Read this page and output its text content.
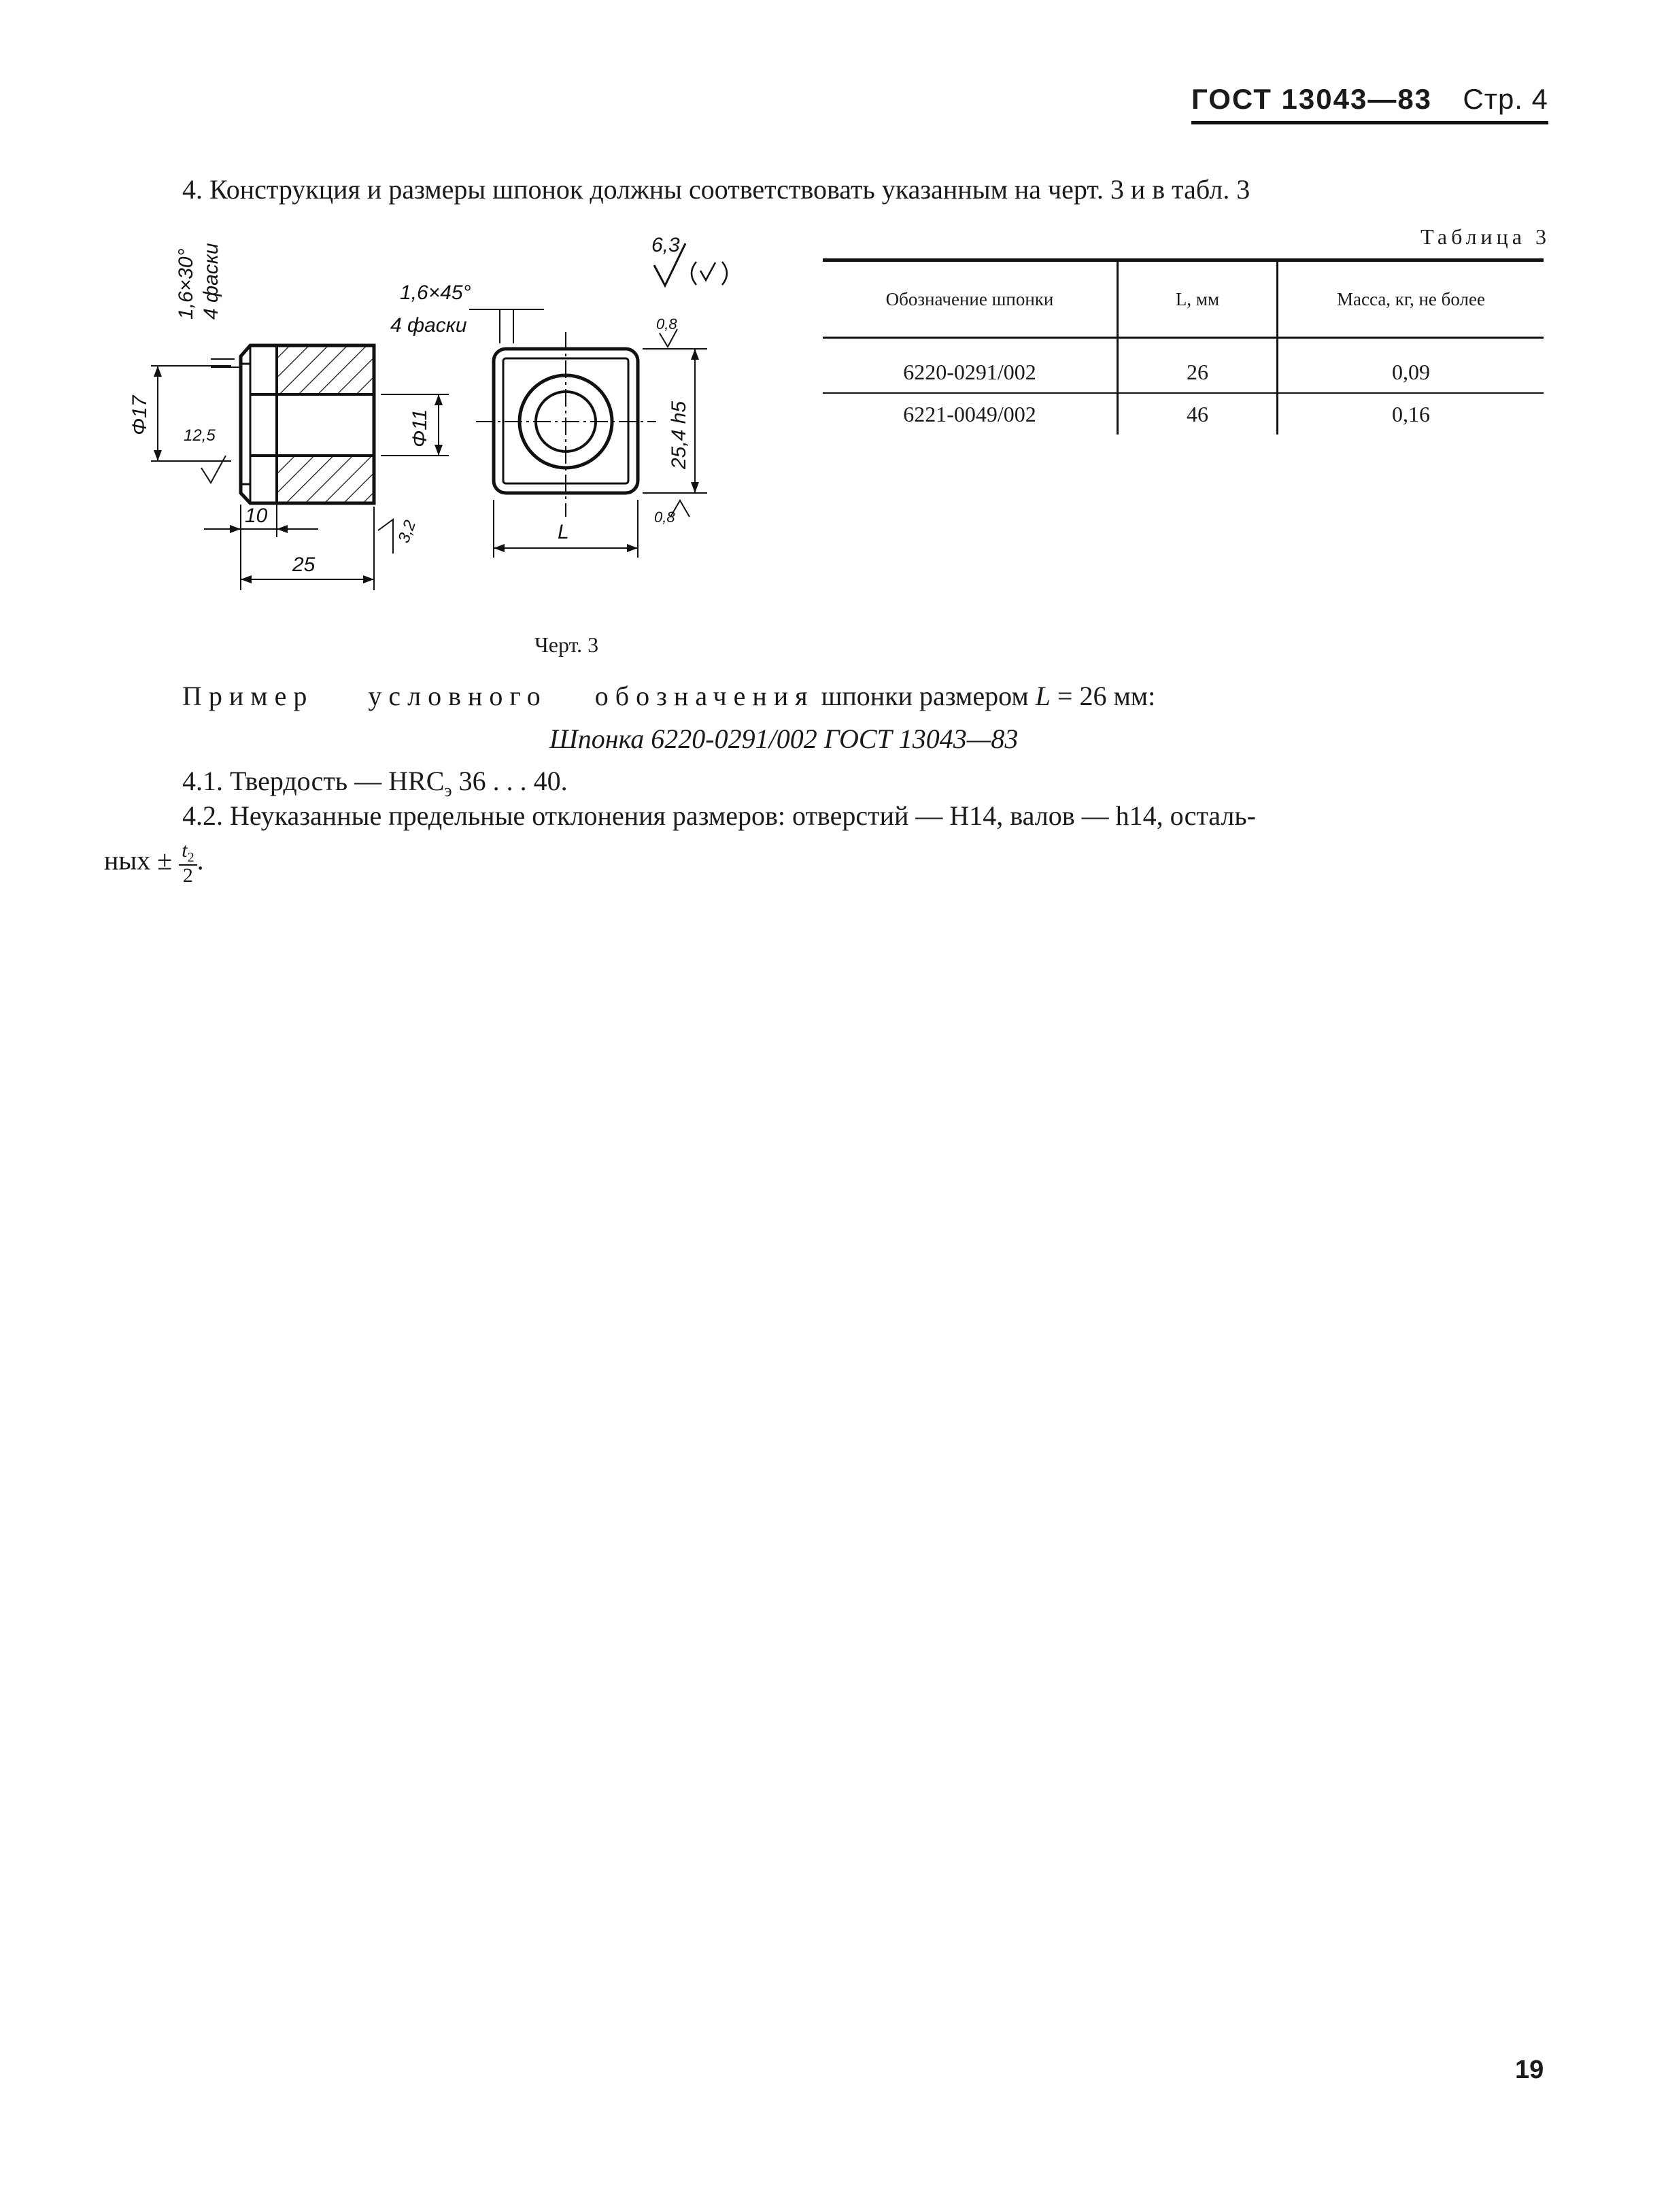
ГОСТ 13043—83 Стр. 4
4. Конструкция и размеры шпонок должны соответствовать указанным на черт. 3 и в табл. 3
1,6×30° 4 фаски
Φ17
12,5	Φ11
10
25
3,2
6,3
1,6×45°
4 фаски	0,8
25,4 h5
0,8
L
Черт. 3
Таблица 3
Обозначение шпонки	L, мм	Масса, кг, не более
6220-0291/002	26	0,09
6221-0049/002	46	0,16
Пример условного обозначения шпонки размером L = 26 мм:
Шпонка 6220-0291/002 ГОСТ 13043—83
4.1. Твердость — $HRC_э$ 36 . . . 40.
4.2. Неуказанные предельные отклонения размеров: отверстий — H14, валов — h14, осталь-
ных ± $\frac{t_2}{2}$ .
19
